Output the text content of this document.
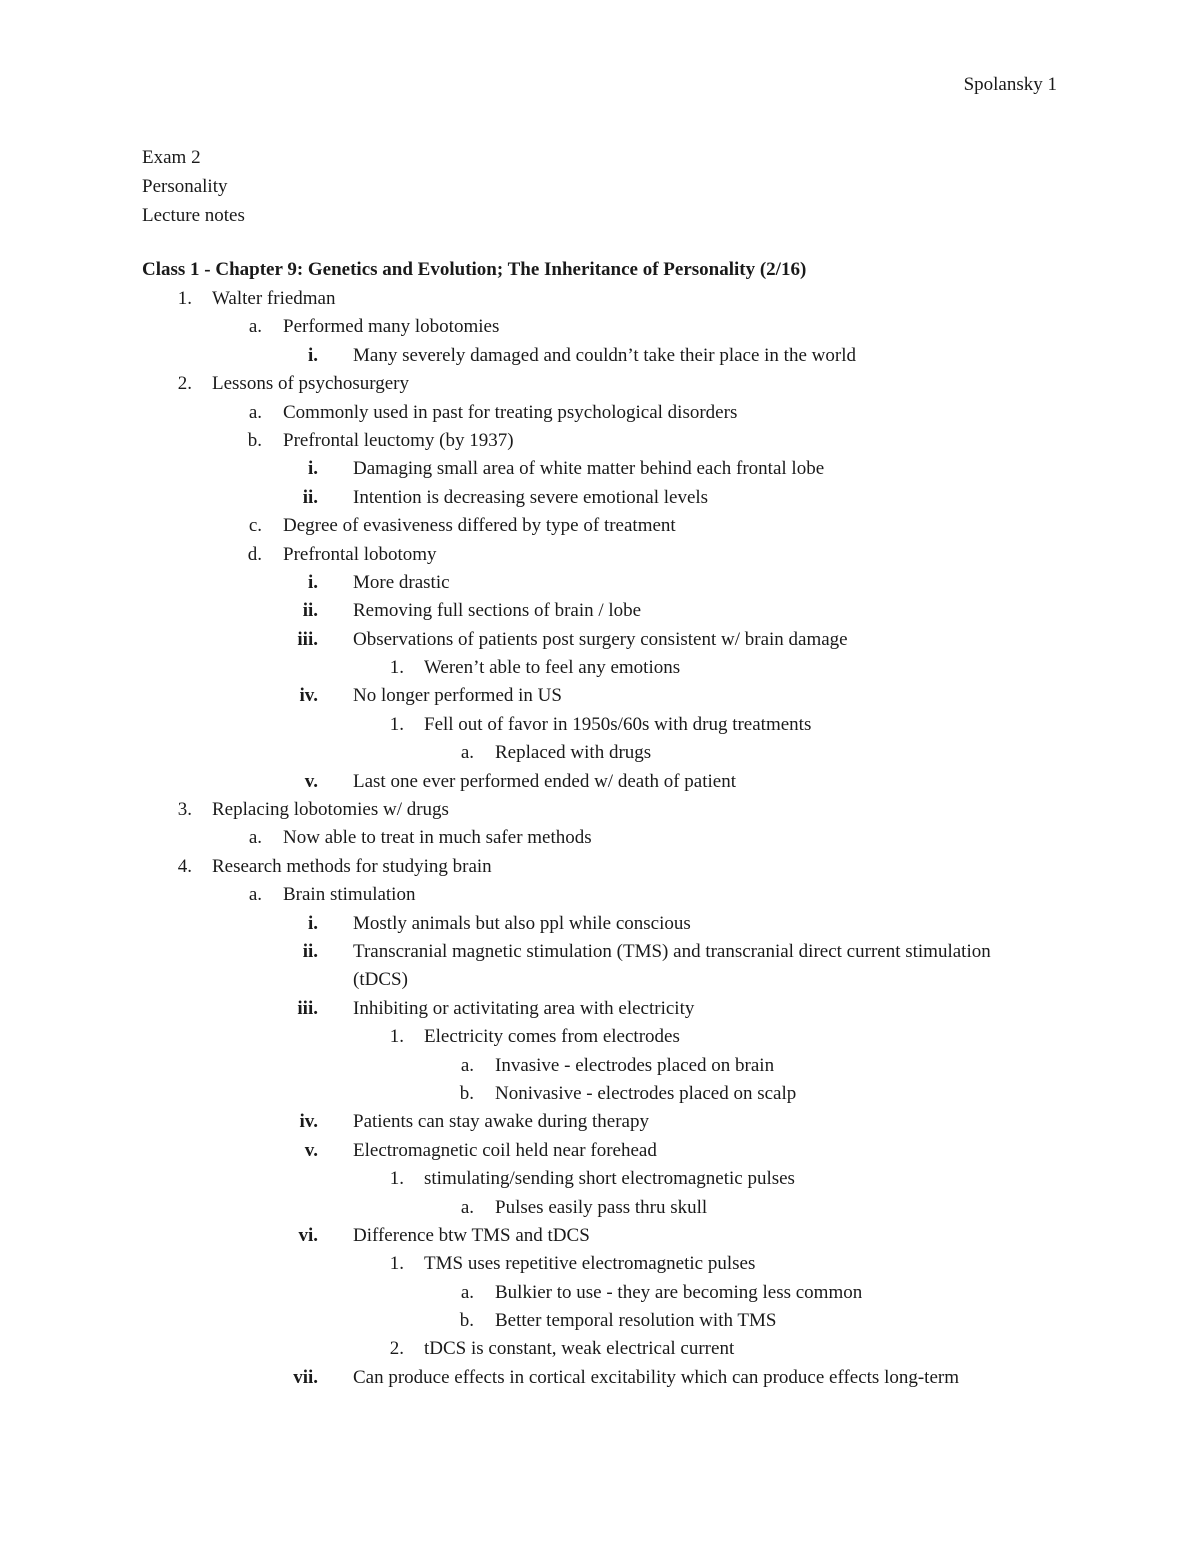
Spolansky 1
Exam 2
Personality
Lecture notes
Class 1 - Chapter 9: Genetics and Evolution; The Inheritance of Personality (2/16)
1. Walter friedman
a. Performed many lobotomies
i. Many severely damaged and couldn’t take their place in the world
2. Lessons of psychosurgery
a. Commonly used in past for treating psychological disorders
b. Prefrontal leuctomy (by 1937)
i. Damaging small area of white matter behind each frontal lobe
ii. Intention is decreasing severe emotional levels
c. Degree of evasiveness differed by type of treatment
d. Prefrontal lobotomy
i. More drastic
ii. Removing full sections of brain / lobe
iii. Observations of patients post surgery consistent w/ brain damage
1. Weren’t able to feel any emotions
iv. No longer performed in US
1. Fell out of favor in 1950s/60s with drug treatments
a. Replaced with drugs
v. Last one ever performed ended w/ death of patient
3. Replacing lobotomies w/ drugs
a. Now able to treat in much safer methods
4. Research methods for studying brain
a. Brain stimulation
i. Mostly animals but also ppl while conscious
ii. Transcranial magnetic stimulation (TMS) and transcranial direct current stimulation (tDCS)
iii. Inhibiting or activitating area with electricity
1. Electricity comes from electrodes
a. Invasive - electrodes placed on brain
b. Nonivasive - electrodes placed on scalp
iv. Patients can stay awake during therapy
v. Electromagnetic coil held near forehead
1. stimulating/sending short electromagnetic pulses
a. Pulses easily pass thru skull
vi. Difference btw TMS and tDCS
1. TMS uses repetitive electromagnetic pulses
a. Bulkier to use - they are becoming less common
b. Better temporal resolution with TMS
2. tDCS is constant, weak electrical current
vii. Can produce effects in cortical excitability which can produce effects long-term
